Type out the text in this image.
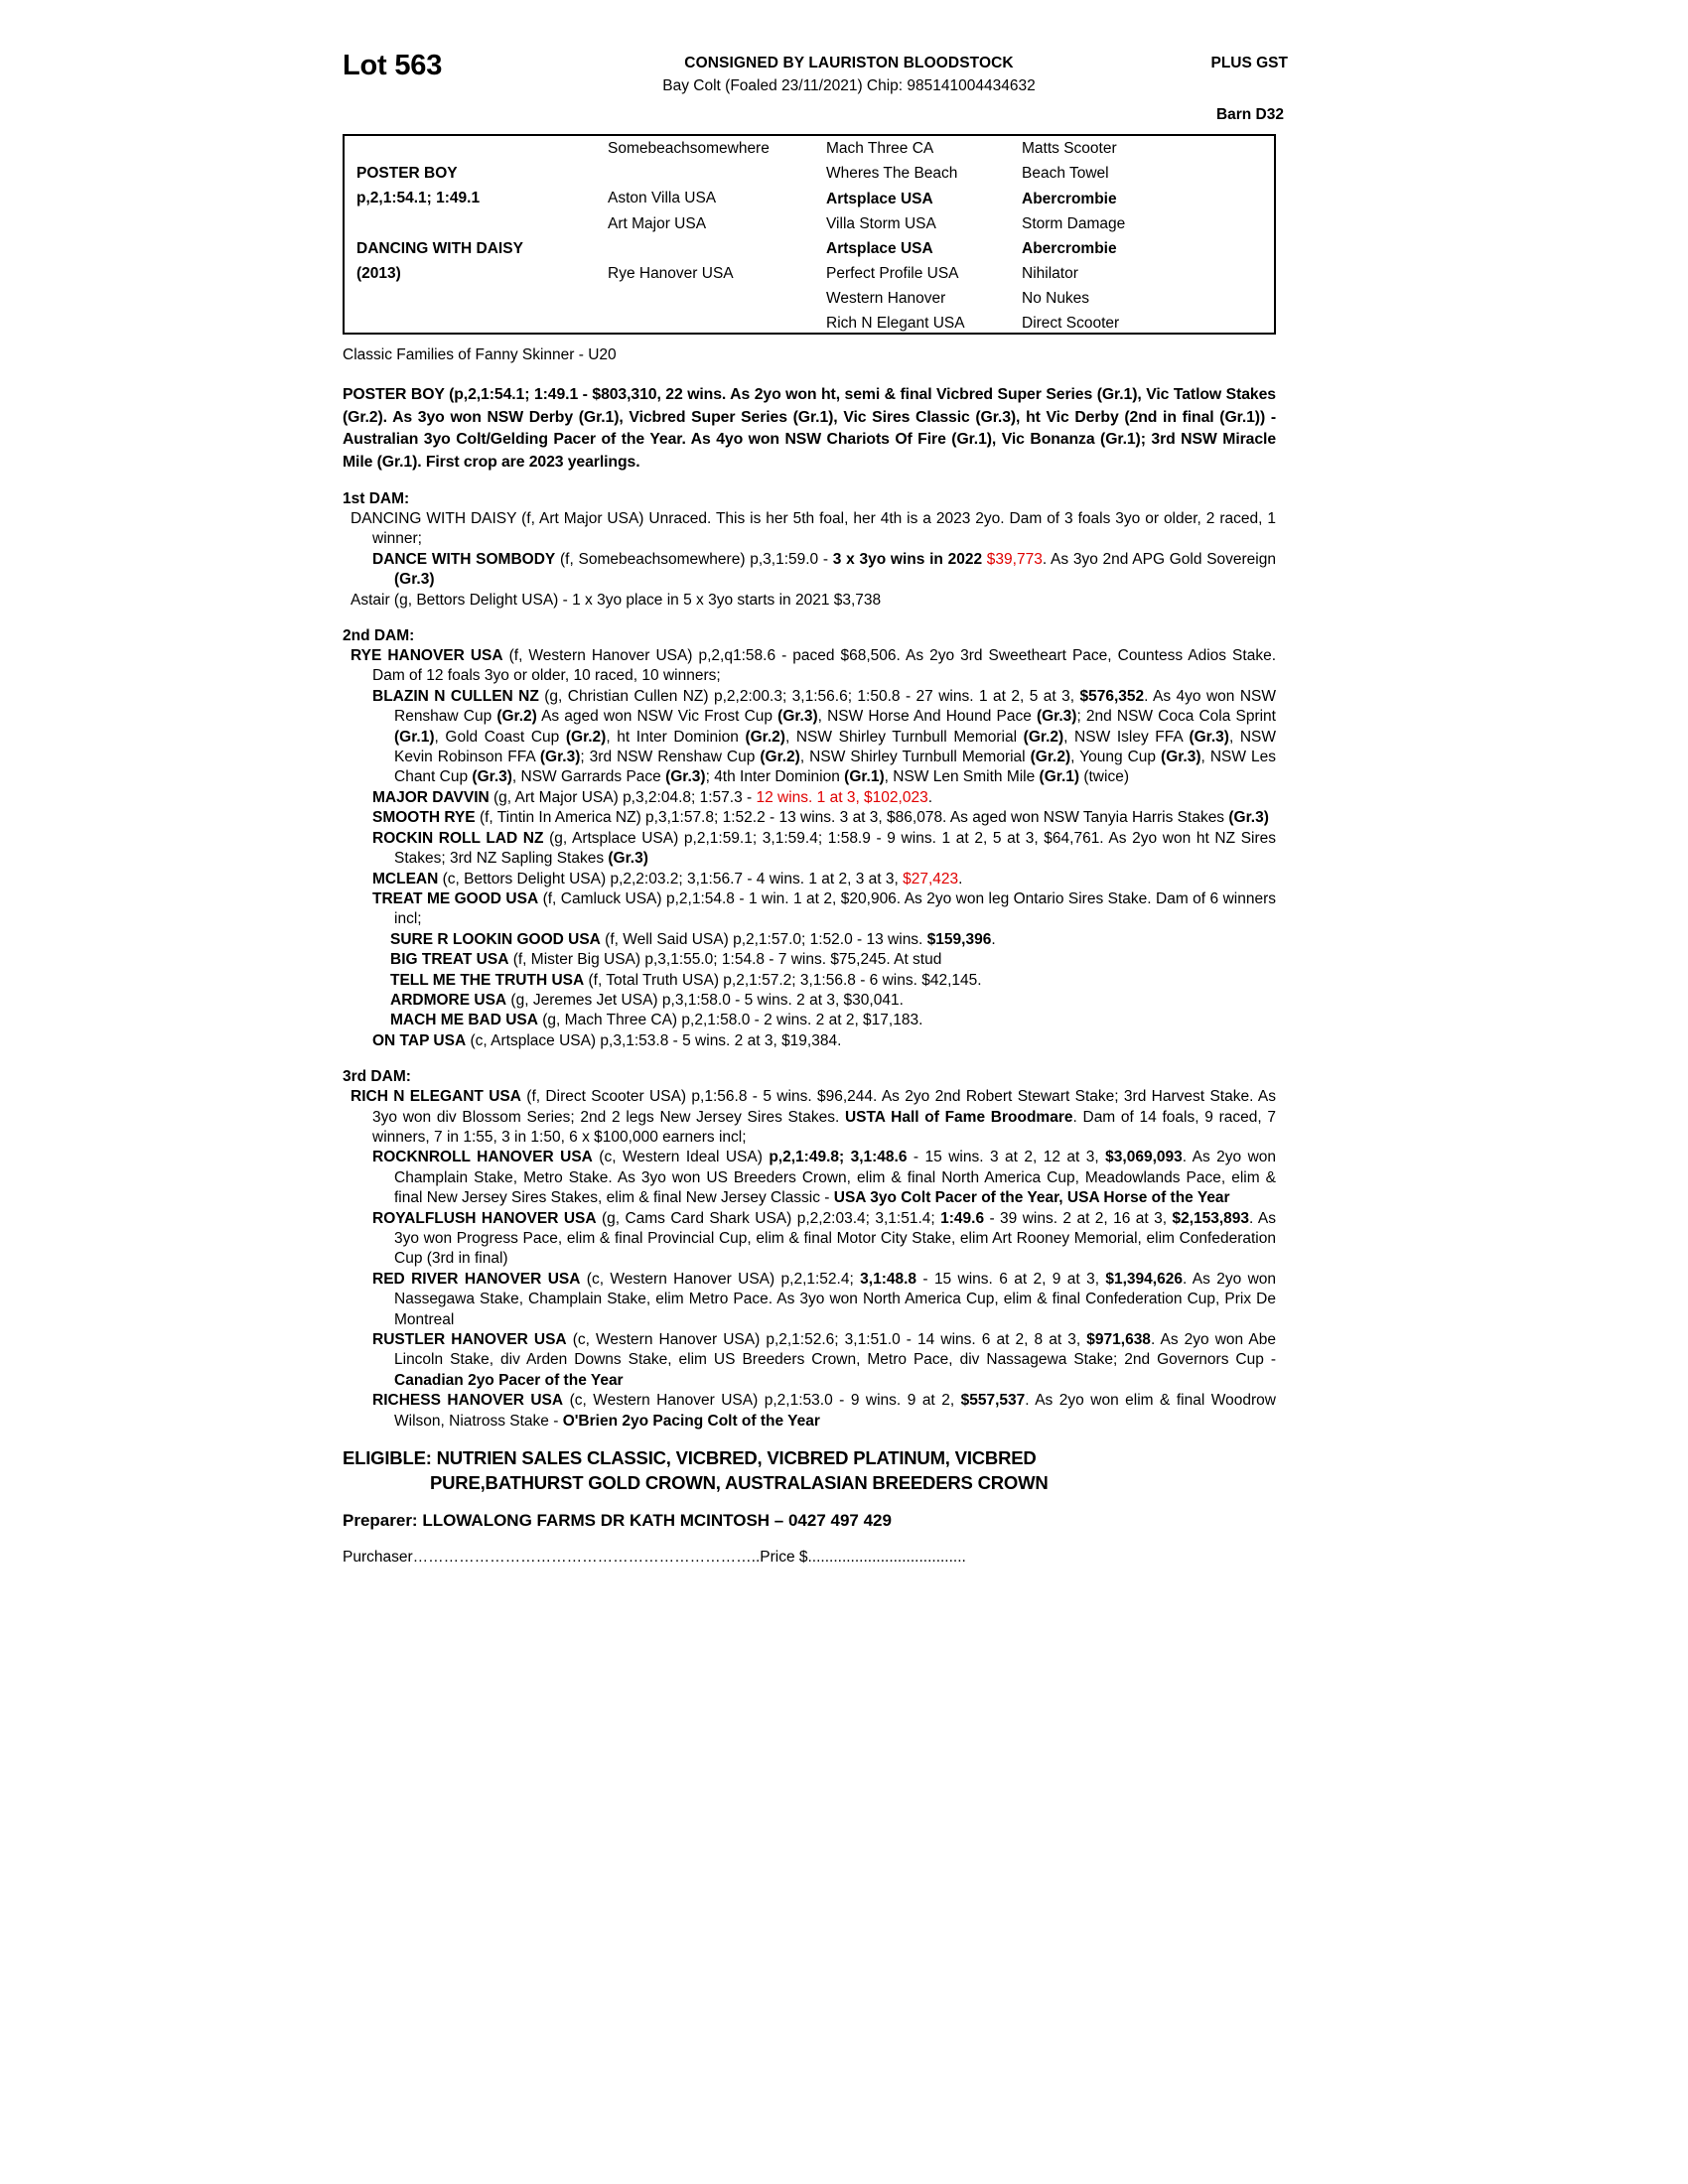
Lot 563	CONSIGNED BY LAURISTON BLOODSTOCK
Bay Colt (Foaled 23/11/2021) Chip: 985141004434632
PLUS GST
Barn D32
POSTER BOY
p,2,1:54.1; 1:49.1
DANCING WITH DAISY
(2013)
Somebeachsomewhere
Aston Villa USA
Art Major USA
Rye Hanover USA
Mach Three CA
Wheres The Beach
Artsplace USA
Villa Storm USA
Artsplace USA
Perfect Profile USA
Western Hanover
Rich N Elegant USA
Matts Scooter
Beach Towel
Abercrombie
Storm Damage
Abercrombie
Nihilator
No Nukes
Direct Scooter
Classic Families of Fanny Skinner - U20
POSTER BOY (p,2,1:54.1; 1:49.1 - $803,310, 22 wins. As 2yo won ht, semi & final Vicbred Super Series (Gr.1), Vic Tatlow Stakes (Gr.2). As 3yo won NSW Derby (Gr.1), Vicbred Super Series (Gr.1), Vic Sires Classic (Gr.3), ht Vic Derby (2nd in final (Gr.1)) - Australian 3yo Colt/Gelding Pacer of the Year. As 4yo won NSW Chariots Of Fire (Gr.1), Vic Bonanza (Gr.1); 3rd NSW Miracle Mile (Gr.1). First crop are 2023 yearlings.
1st DAM:
DANCING WITH DAISY (f, Art Major USA) Unraced. This is her 5th foal, her 4th is a 2023 2yo. Dam of 3 foals 3yo or older, 2 raced, 1 winner;
DANCE WITH SOMBODY (f, Somebeachsomewhere) p,3,1:59.0 - 3 x 3yo wins in 2022 $39,773. As 3yo 2nd APG Gold Sovereign (Gr.3)
Astair (g, Bettors Delight USA) - 1 x 3yo place in 5 x 3yo starts in 2021 $3,738
2nd DAM:
RYE HANOVER USA (f, Western Hanover USA) p,2,q1:58.6 - paced $68,506. As 2yo 3rd Sweetheart Pace, Countess Adios Stake. Dam of 12 foals 3yo or older, 10 raced, 10 winners;
BLAZIN N CULLEN NZ (g, Christian Cullen NZ) p,2,2:00.3; 3,1:56.6; 1:50.8 - 27 wins. 1 at 2, 5 at 3, $576,352. As 4yo won NSW Renshaw Cup (Gr.2) As aged won NSW Vic Frost Cup (Gr.3), NSW Horse And Hound Pace (Gr.3); 2nd NSW Coca Cola Sprint (Gr.1), Gold Coast Cup (Gr.2), ht Inter Dominion (Gr.2), NSW Shirley Turnbull Memorial (Gr.2), NSW Isley FFA (Gr.3), NSW Kevin Robinson FFA (Gr.3); 3rd NSW Renshaw Cup (Gr.2), NSW Shirley Turnbull Memorial (Gr.2), Young Cup (Gr.3), NSW Les Chant Cup (Gr.3), NSW Garrards Pace (Gr.3); 4th Inter Dominion (Gr.1), NSW Len Smith Mile (Gr.1) (twice)
MAJOR DAVVIN (g, Art Major USA) p,3,2:04.8; 1:57.3 - 12 wins. 1 at 3, $102,023.
SMOOTH RYE (f, Tintin In America NZ) p,3,1:57.8; 1:52.2 - 13 wins. 3 at 3, $86,078. As aged won NSW Tanyia Harris Stakes (Gr.3)
ROCKIN ROLL LAD NZ (g, Artsplace USA) p,2,1:59.1; 3,1:59.4; 1:58.9 - 9 wins. 1 at 2, 5 at 3, $64,761. As 2yo won ht NZ Sires Stakes; 3rd NZ Sapling Stakes (Gr.3)
MCLEAN (c, Bettors Delight USA) p,2,2:03.2; 3,1:56.7 - 4 wins. 1 at 2, 3 at 3, $27,423.
TREAT ME GOOD USA (f, Camluck USA) p,2,1:54.8 - 1 win. 1 at 2, $20,906. As 2yo won leg Ontario Sires Stake. Dam of 6 winners incl;
SURE R LOOKIN GOOD USA (f, Well Said USA) p,2,1:57.0; 1:52.0 - 13 wins. $159,396.
BIG TREAT USA (f, Mister Big USA) p,3,1:55.0; 1:54.8 - 7 wins. $75,245. At stud
TELL ME THE TRUTH USA (f, Total Truth USA) p,2,1:57.2; 3,1:56.8 - 6 wins. $42,145.
ARDMORE USA (g, Jeremes Jet USA) p,3,1:58.0 - 5 wins. 2 at 3, $30,041.
MACH ME BAD USA (g, Mach Three CA) p,2,1:58.0 - 2 wins. 2 at 2, $17,183.
ON TAP USA (c, Artsplace USA) p,3,1:53.8 - 5 wins. 2 at 3, $19,384.
3rd DAM:
RICH N ELEGANT USA (f, Direct Scooter USA) p,1:56.8 - 5 wins. $96,244. As 2yo 2nd Robert Stewart Stake; 3rd Harvest Stake. As 3yo won div Blossom Series; 2nd 2 legs New Jersey Sires Stakes. USTA Hall of Fame Broodmare. Dam of 14 foals, 9 raced, 7 winners, 7 in 1:55, 3 in 1:50, 6 x $100,000 earners incl;
ROCKNROLL HANOVER USA (c, Western Ideal USA) p,2,1:49.8; 3,1:48.6 - 15 wins. 3 at 2, 12 at 3, $3,069,093. As 2yo won Champlain Stake, Metro Stake. As 3yo won US Breeders Crown, elim & final North America Cup, Meadowlands Pace, elim & final New Jersey Sires Stakes, elim & final New Jersey Classic - USA 3yo Colt Pacer of the Year, USA Horse of the Year
ROYALFLUSH HANOVER USA (g, Cams Card Shark USA) p,2,2:03.4; 3,1:51.4; 1:49.6 - 39 wins. 2 at 2, 16 at 3, $2,153,893. As 3yo won Progress Pace, elim & final Provincial Cup, elim & final Motor City Stake, elim Art Rooney Memorial, elim Confederation Cup (3rd in final)
RED RIVER HANOVER USA (c, Western Hanover USA) p,2,1:52.4; 3,1:48.8 - 15 wins. 6 at 2, 9 at 3, $1,394,626. As 2yo won Nassegawa Stake, Champlain Stake, elim Metro Pace. As 3yo won North America Cup, elim & final Confederation Cup, Prix De Montreal
RUSTLER HANOVER USA (c, Western Hanover USA) p,2,1:52.6; 3,1:51.0 - 14 wins. 6 at 2, 8 at 3, $971,638. As 2yo won Abe Lincoln Stake, div Arden Downs Stake, elim US Breeders Crown, Metro Pace, div Nassagewa Stake; 2nd Governors Cup - Canadian 2yo Pacer of the Year
RICHESS HANOVER USA (c, Western Hanover USA) p,2,1:53.0 - 9 wins. 9 at 2, $557,537. As 2yo won elim & final Woodrow Wilson, Niatross Stake - O'Brien 2yo Pacing Colt of the Year
ELIGIBLE: NUTRIEN SALES CLASSIC, VICBRED, VICBRED PLATINUM, VICBRED
PURE,BATHURST GOLD CROWN, AUSTRALASIAN BREEDERS CROWN
Preparer: LLOWALONG FARMS DR KATH MCINTOSH – 0427 497 429
Purchaser…………………………………………………………..Price $.....................................
